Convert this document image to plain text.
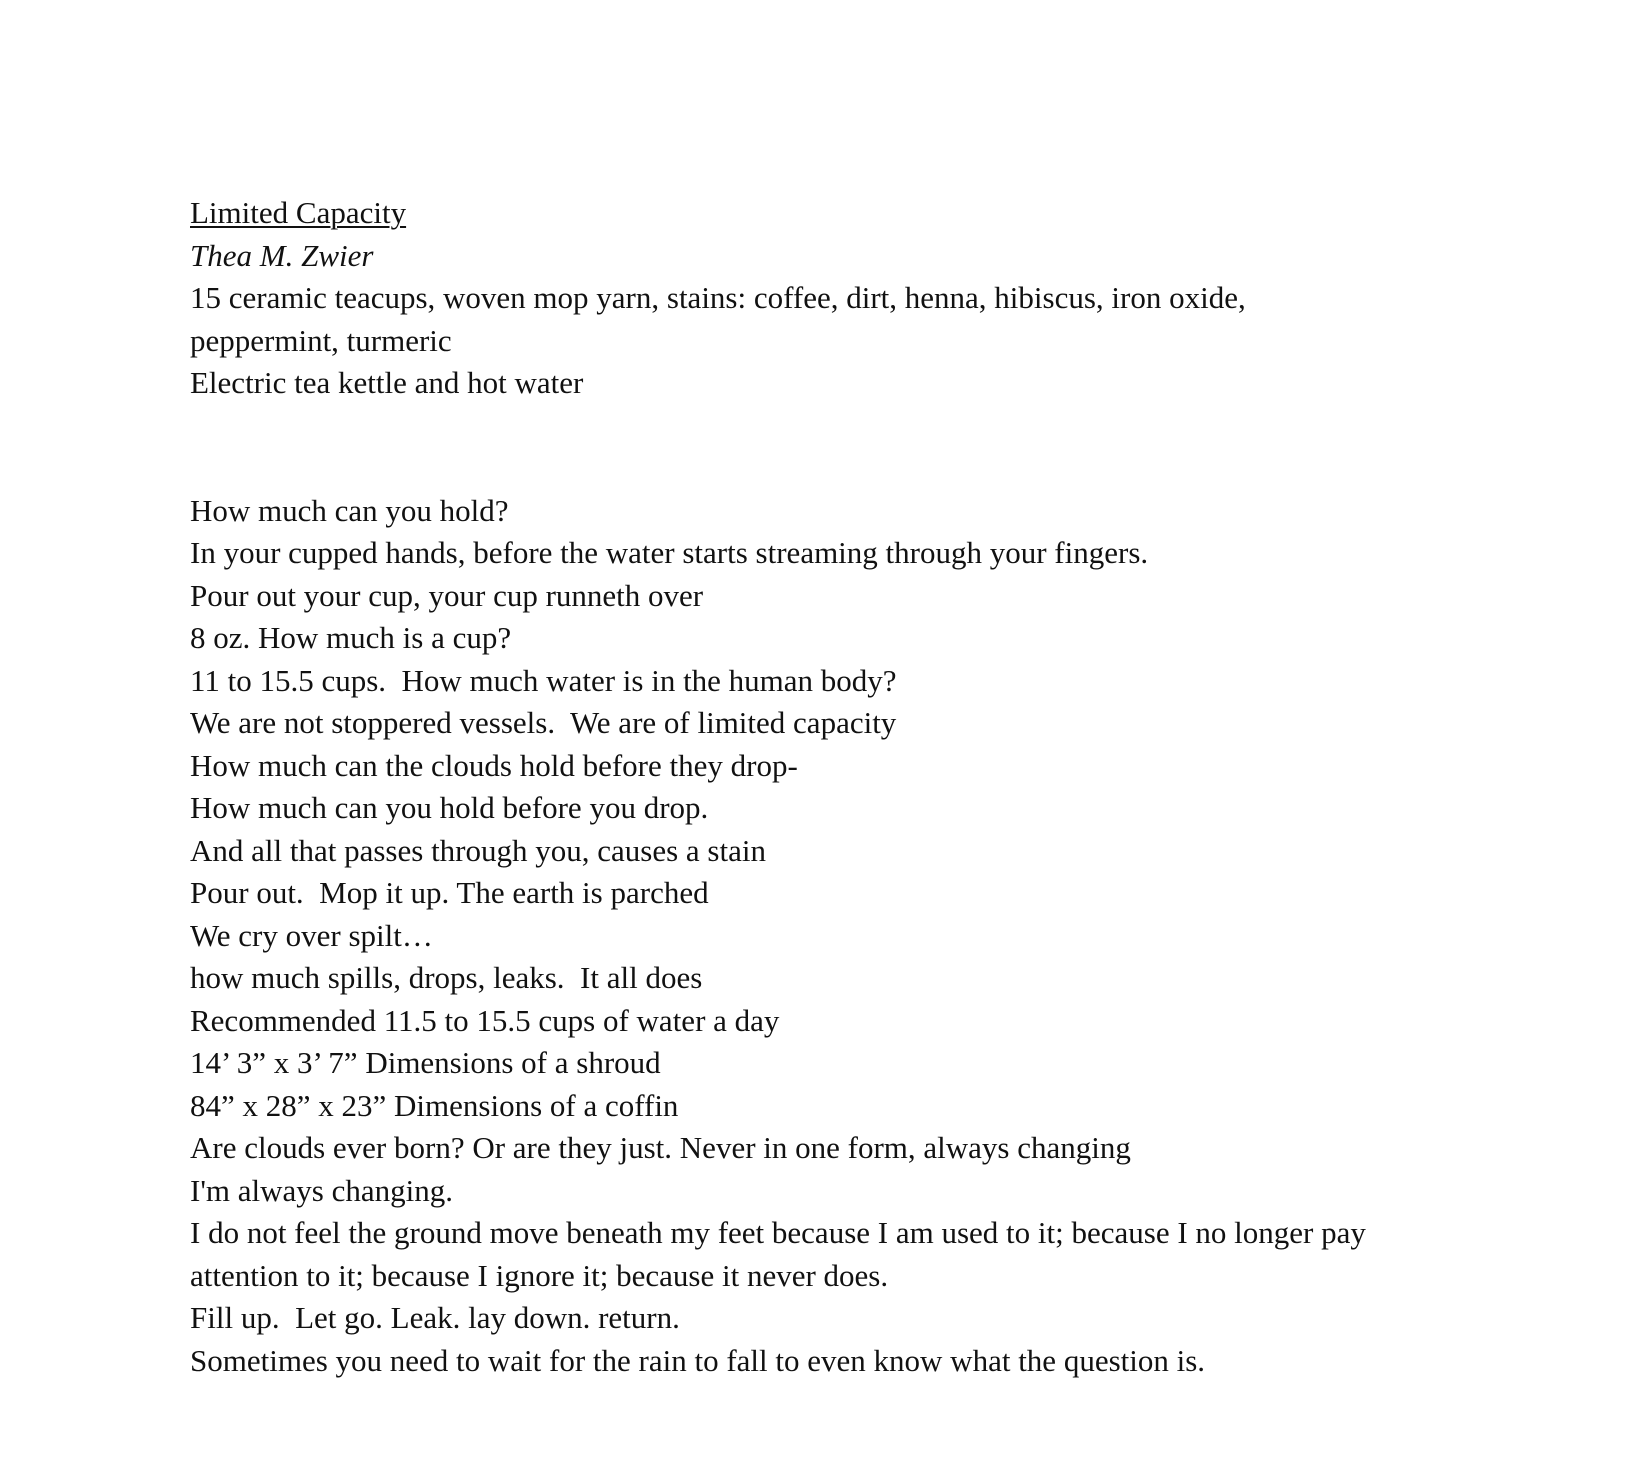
Limited Capacity
Thea M. Zwier
15 ceramic teacups, woven mop yarn, stains: coffee, dirt, henna, hibiscus, iron oxide,
peppermint, turmeric
Electric tea kettle and hot water
How much can you hold?
In your cupped hands, before the water starts streaming through your fingers.
Pour out your cup, your cup runneth over
8 oz. How much is a cup?
11 to 15.5 cups.  How much water is in the human body?
We are not stoppered vessels.  We are of limited capacity
How much can the clouds hold before they drop-
How much can you hold before you drop.
And all that passes through you, causes a stain
Pour out.  Mop it up. The earth is parched
We cry over spilt…
how much spills, drops, leaks.  It all does
Recommended 11.5 to 15.5 cups of water a day
14’ 3” x 3’ 7” Dimensions of a shroud
84” x 28” x 23” Dimensions of a coffin
Are clouds ever born? Or are they just. Never in one form, always changing
I'm always changing.
I do not feel the ground move beneath my feet because I am used to it; because I no longer pay
attention to it; because I ignore it; because it never does.
Fill up.  Let go. Leak. lay down. return.
Sometimes you need to wait for the rain to fall to even know what the question is.
